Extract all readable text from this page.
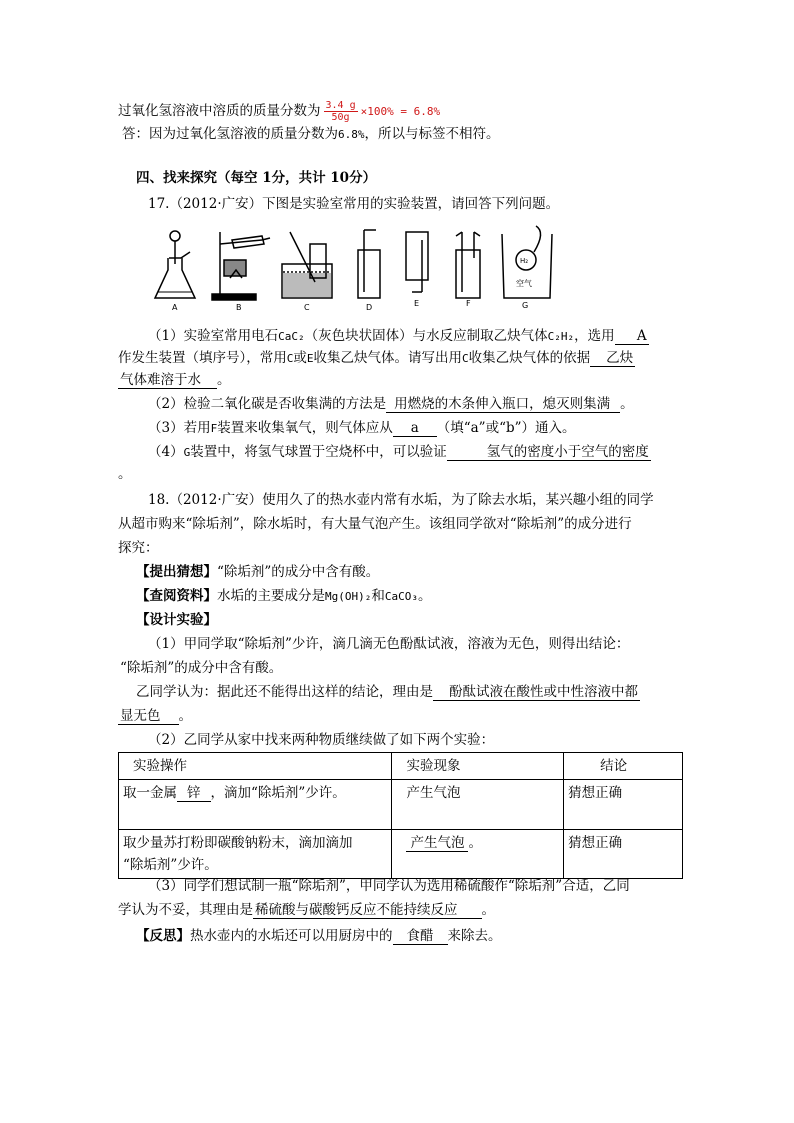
过氧化氢溶液中溶质的质量分数为 $\frac{3.4 g}{50g} \times 100\% = 6.8\%$
答：因为过氧化氢溶液的质量分数为6.8%，所以与标签不相符。
四、找来探究（每空 1分，共计 10分）
17.（2012·广安）下图是实验室常用的实验装置，请回答下列问题。
A	B	C	D	E	F	G
H₂
空气
（1）实验室常用电石CaC₂（灰色块状固体）与水反应制取乙炔气体C₂H₂，选用 A
作发生装置（填序号），常用C或E收集乙炔气体。请写出用C收集乙炔气体的依据 乙炔
气体难溶于水 。
（2）检验二氧化碳是否收集满的方法是 用燃烧的木条伸入瓶口，熄灭则集满 。
（3）若用F装置来收集氧气，则气体应从 a （填“a”或“b”）通入。
（4）G装置中，将氢气球置于空烧杯中，可以验证	氢气的密度小于空气的密度
。
18.（2012·广安）使用久了的热水壶内常有水垢，为了除去水垢，某兴趣小组的同学
从超市购来“除垢剂”，除水垢时，有大量气泡产生。该组同学欲对“除垢剂”的成分进行
探究：
【提出猜想】“除垢剂”的成分中含有酸。
【查阅资料】水垢的主要成分是Mg(OH)₂和CaCO₃。
【设计实验】
（1）甲同学取“除垢剂”少许，滴几滴无色酚酞试液，溶液为无色，则得出结论：
“除垢剂”的成分中含有酸。
乙同学认为：据此还不能得出这样的结论，理由是 酚酞试液在酸性或中性溶液中都
显无色 。
（2）乙同学从家中找来两种物质继续做了如下两个实验：
实验操作	实验现象	结论
取一金属 锌 ，滴加“除垢剂”少许。	产生气泡	猜想正确

取少量苏打粉即碳酸钠粉末，滴加滴加
“除垢剂”少许。	产生气泡 。	猜想正确
（3）同学们想试制一瓶“除垢剂”，甲同学认为选用稀硫酸作“除垢剂”合适，乙同
学认为不妥，其理由是 稀硫酸与碳酸钙反应不能持续反应 。
【反思】热水壶内的水垢还可以用厨房中的 食醋 来除去。
